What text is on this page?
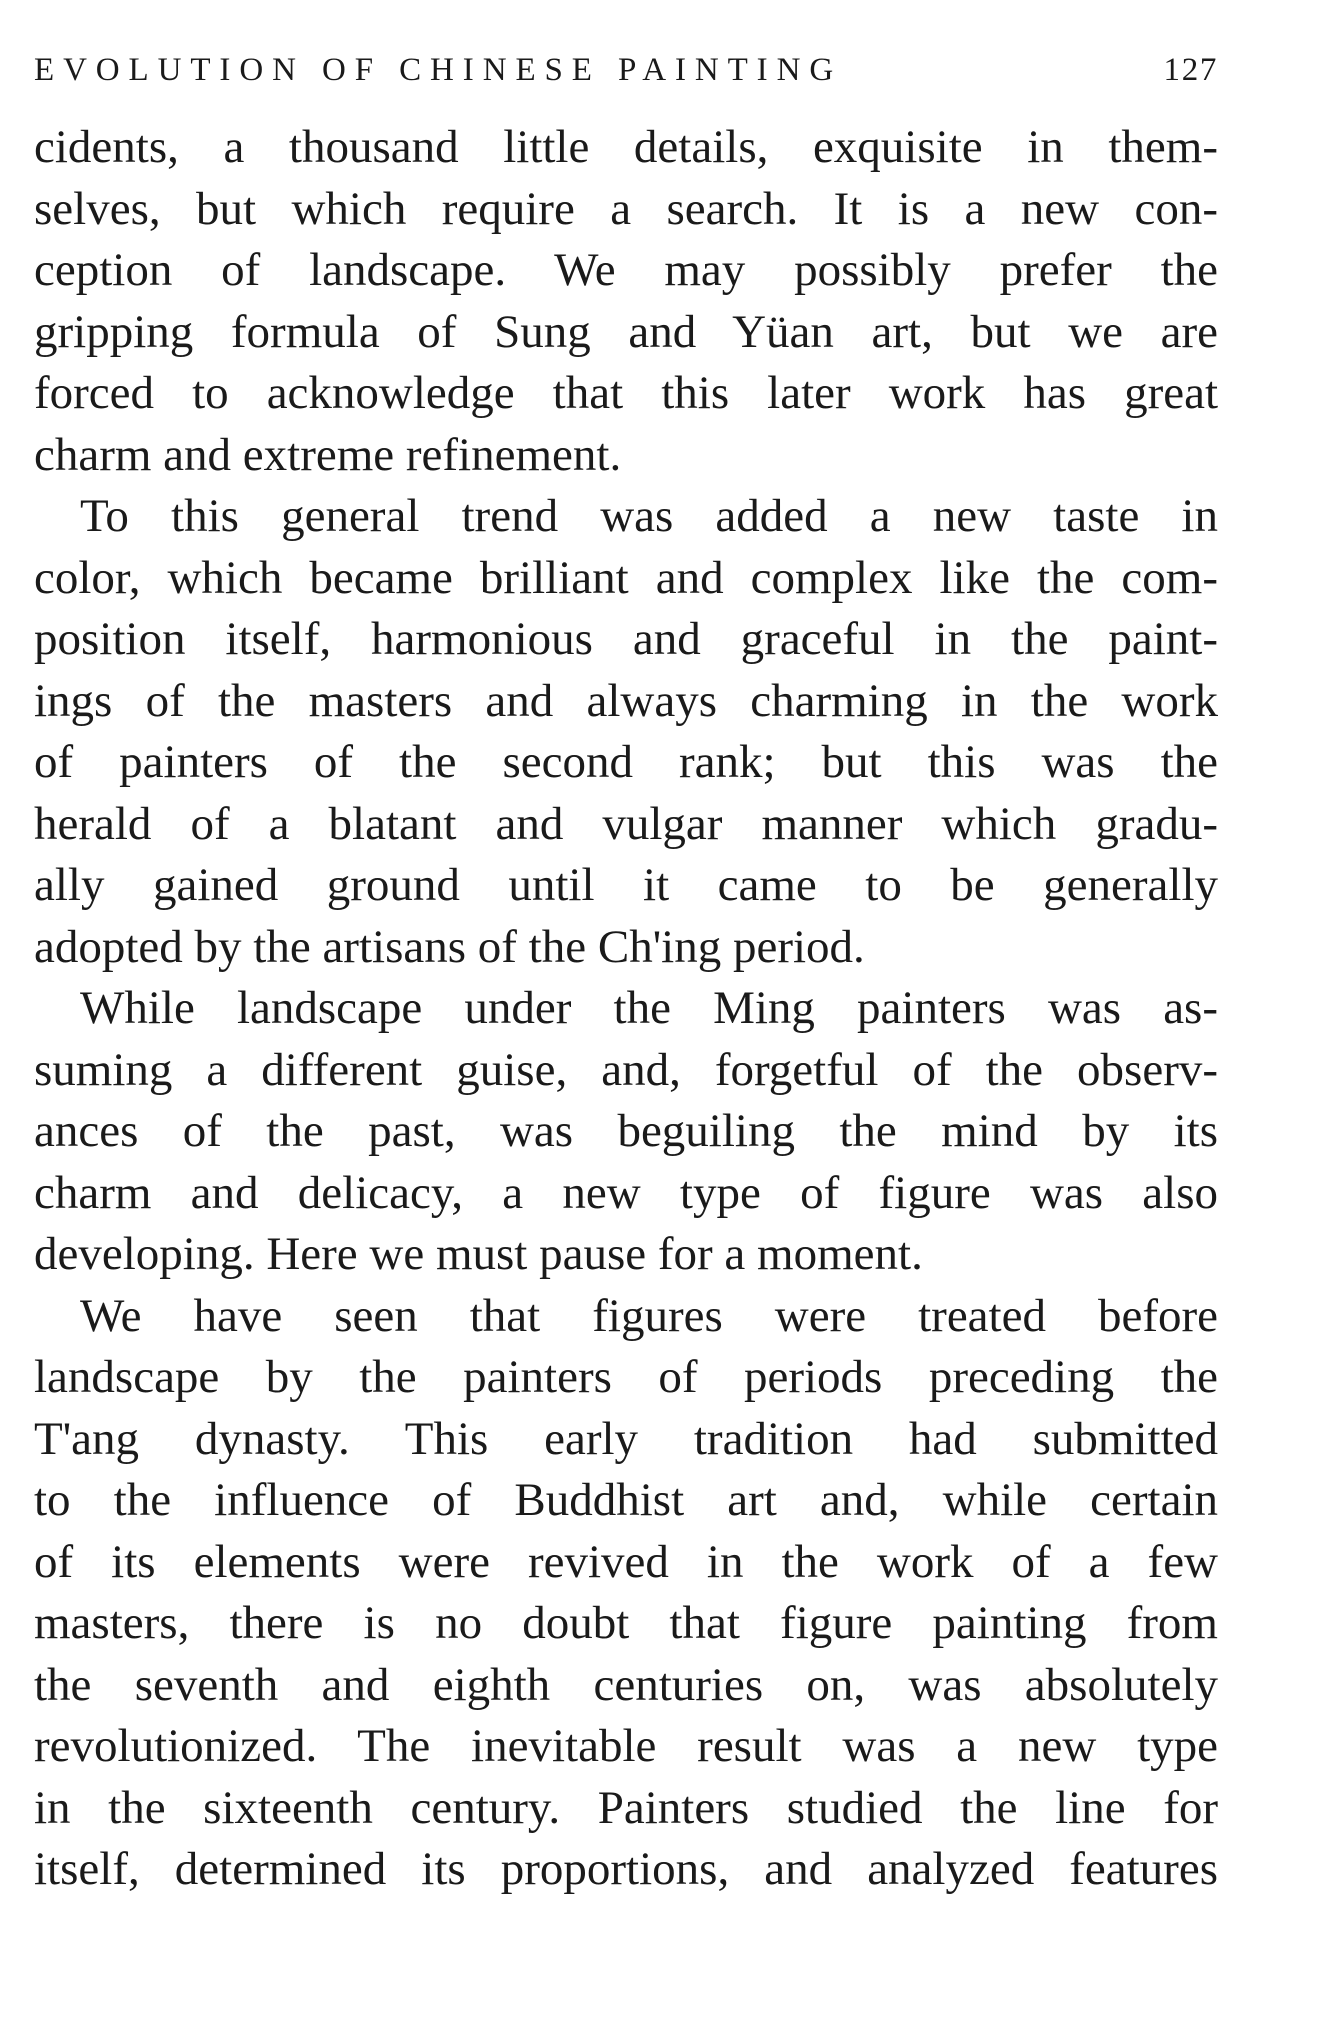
EVOLUTION OF CHINESE PAINTING	127
cidents, a thousand little details, exquisite in them-
selves, but which require a search. It is a new con-
ception of landscape. We may possibly prefer the
gripping formula of Sung and Yüan art, but we are
forced to acknowledge that this later work has great
charm and extreme refinement.
To this general trend was added a new taste in
color, which became brilliant and complex like the com-
position itself, harmonious and graceful in the paint-
ings of the masters and always charming in the work
of painters of the second rank; but this was the
herald of a blatant and vulgar manner which gradu-
ally gained ground until it came to be generally
adopted by the artisans of the Ch'ing period.
While landscape under the Ming painters was as-
suming a different guise, and, forgetful of the observ-
ances of the past, was beguiling the mind by its
charm and delicacy, a new type of figure was also
developing. Here we must pause for a moment.
We have seen that figures were treated before
landscape by the painters of periods preceding the
T'ang dynasty. This early tradition had submitted
to the influence of Buddhist art and, while certain
of its elements were revived in the work of a few
masters, there is no doubt that figure painting from
the seventh and eighth centuries on, was absolutely
revolutionized. The inevitable result was a new type
in the sixteenth century. Painters studied the line for
itself, determined its proportions, and analyzed features
